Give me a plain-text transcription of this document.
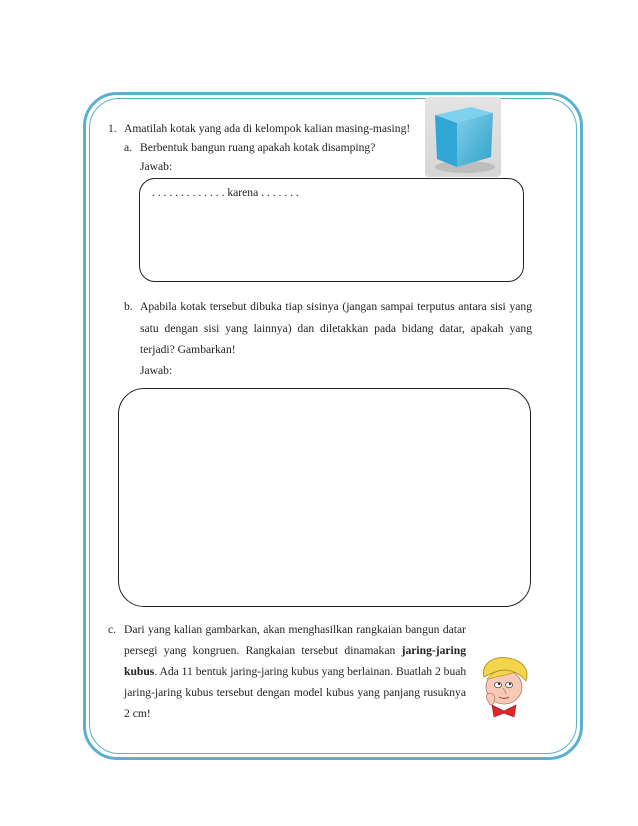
1. Amatilah kotak yang ada di kelompok kalian masing-masing!
a. Berbentuk bangun ruang apakah kotak disamping?
Jawab:
. . . . . . . . . . . . . karena . . . . . . .
b. Apabila kotak tersebut dibuka tiap sisinya (jangan sampai terputus antara sisi yang
satu dengan sisi yang lainnya) dan diletakkan pada bidang datar, apakah yang
terjadi? Gambarkan!
Jawab:
c. Dari yang kalian gambarkan, akan menghasilkan rangkaian bangun datar
persegi yang kongruen. Rangkaian tersebut dinamakan jaring-jaring
kubus. Ada 11 bentuk jaring-jaring kubus yang berlainan. Buatlah 2 buah
jaring-jaring kubus tersebut dengan model kubus yang panjang rusuknya
2 cm!
